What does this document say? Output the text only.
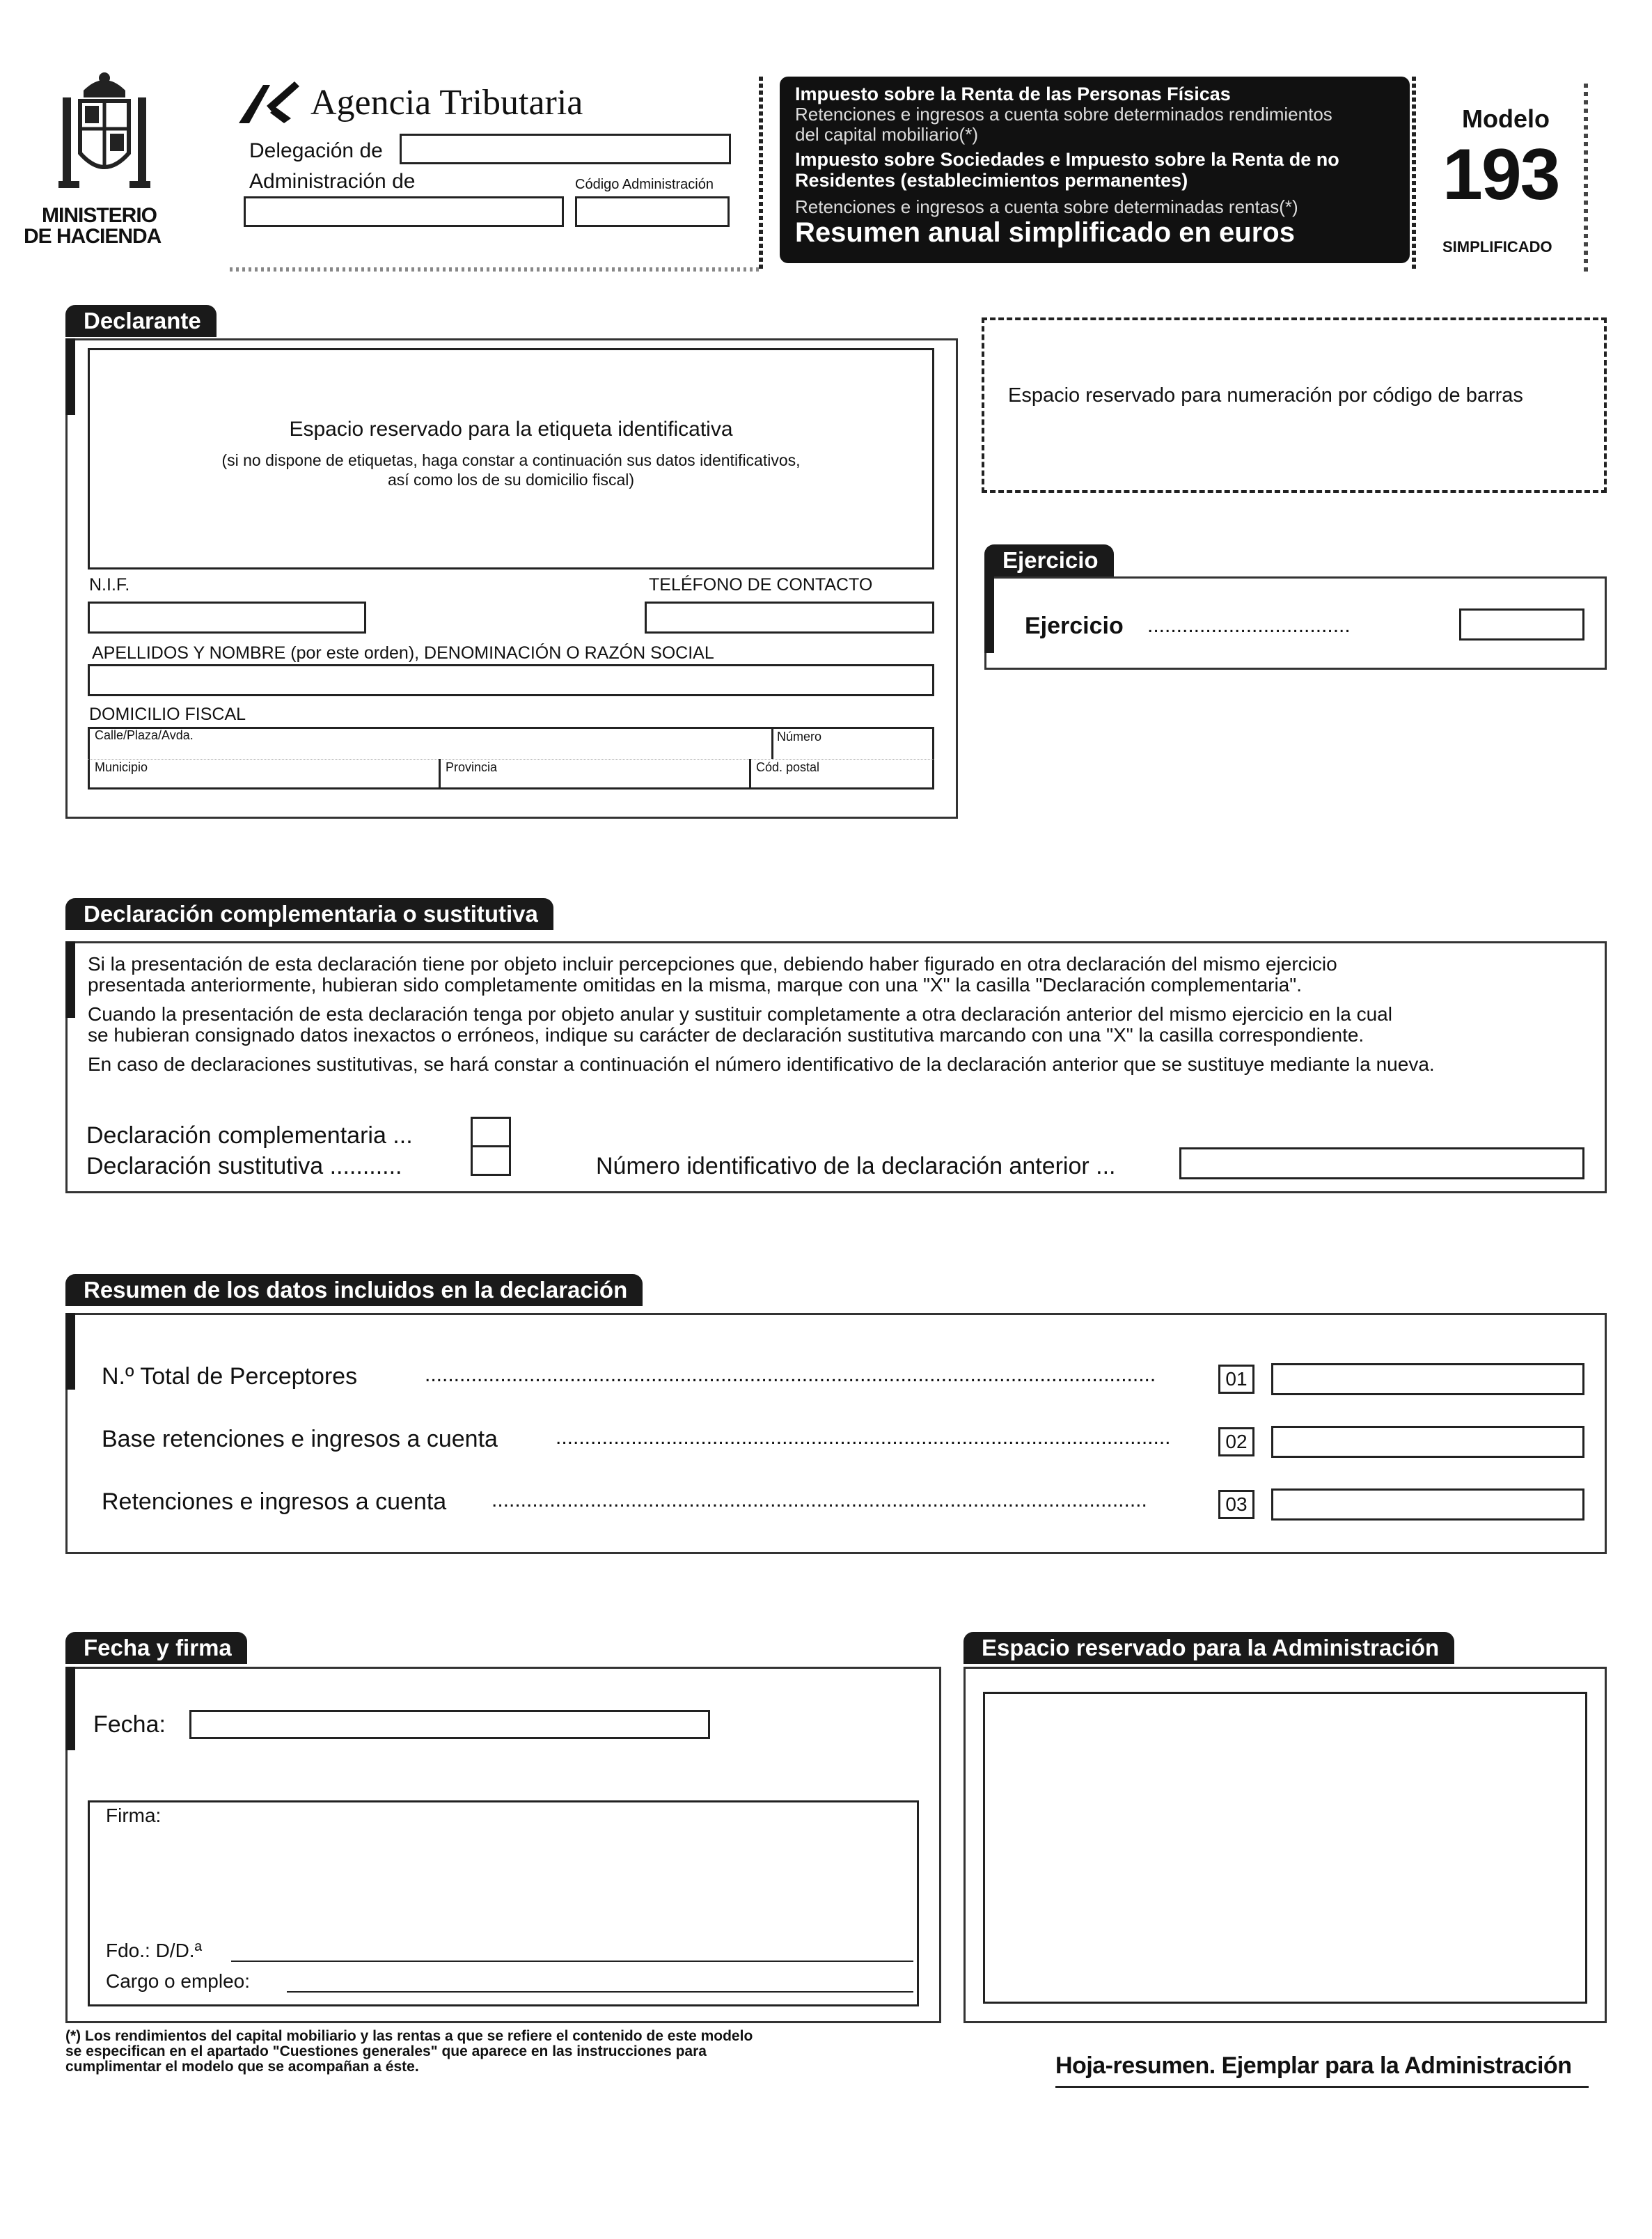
MINISTERIO
DE HACIENDA
Agencia Tributaria
Delegación de
Administración de	Código Administración
Impuesto sobre la Renta de las Personas Físicas
Retenciones e ingresos a cuenta sobre determinados rendimientos
del capital mobiliario(*)
Impuesto sobre Sociedades e Impuesto sobre la Renta de no
Residentes (establecimientos permanentes)
Retenciones e ingresos a cuenta sobre determinadas rentas(*)
Resumen anual simplificado en euros
Modelo
193
SIMPLIFICADO
Declarante
Espacio reservado para la etiqueta identificativa
(si no dispone de etiquetas, haga constar a continuación sus datos identificativos,
así como los de su domicilio fiscal)
N.I.F.	TELÉFONO DE CONTACTO
APELLIDOS Y NOMBRE (por este orden), DENOMINACIÓN O RAZÓN SOCIAL
DOMICILIO FISCAL
Calle/Plaza/Avda.	Número
Municipio	Provincia	Cód. postal
Espacio reservado para numeración por código de barras
Ejercicio
Ejercicio ...................................
Declaración complementaria o sustitutiva
Si la presentación de esta declaración tiene por objeto incluir percepciones que, debiendo haber figurado en otra declaración del mismo ejercicio
presentada anteriormente, hubieran sido completamente omitidas en la misma, marque con una "X" la casilla "Declaración complementaria".
Cuando la presentación de esta declaración tenga por objeto anular y sustituir completamente a otra declaración anterior del mismo ejercicio en la cual
se hubieran consignado datos inexactos o erróneos, indique su carácter de declaración sustitutiva marcando con una "X" la casilla correspondiente.
En caso de declaraciones sustitutivas, se hará constar a continuación el número identificativo de la declaración anterior que se sustituye mediante la nueva.
Declaración complementaria ...
Declaración sustitutiva ...........	Número identificativo de la declaración anterior ...
Resumen de los datos incluidos en la declaración
N.º Total de Perceptores	..............................................................................................................................	01
Base retenciones e ingresos a cuenta	..........................................................................................................	02
Retenciones e ingresos a cuenta .................................................................................................................	03
Fecha y firma
Fecha:
Firma:
Fdo.: D/D.ª
Cargo o empleo:
Espacio reservado para la Administración
(*) Los rendimientos del capital mobiliario y las rentas a que se refiere el contenido de este modelo
se especifican en el apartado "Cuestiones generales" que aparece en las instrucciones para
cumplimentar el modelo que se acompañan a éste.	Hoja-resumen. Ejemplar para la Administración
